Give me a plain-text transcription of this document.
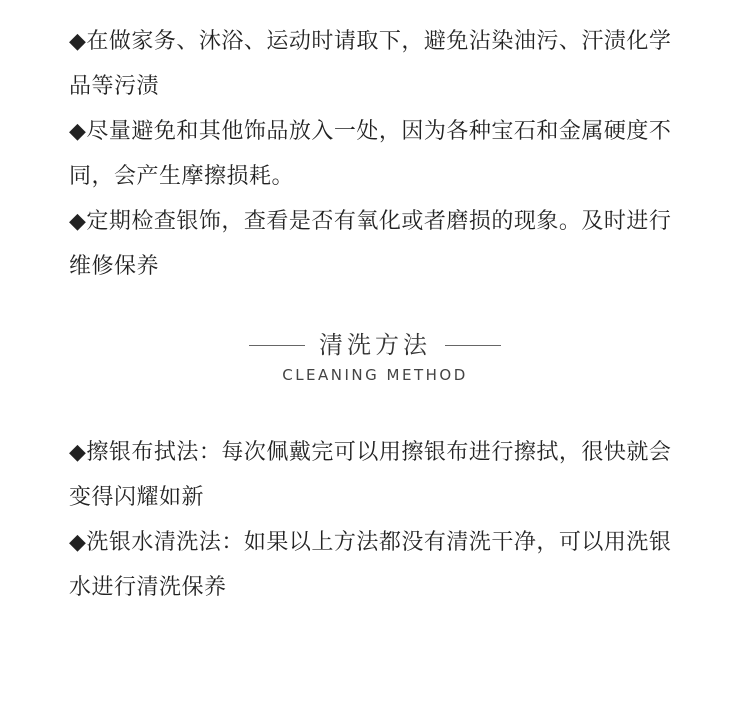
◆在做家务、沐浴、运动时请取下，避免沾染油污、汗渍化学品等污渍

◆尽量避免和其他饰品放入一处，因为各种宝石和金属硬度不同，会产生摩擦损耗。

◆定期检查银饰，查看是否有氧化或者磨损的现象。及时进行维修保养

清洗方法
CLEANING METHOD

◆擦银布拭法：每次佩戴完可以用擦银布进行擦拭，很快就会变得闪耀如新

◆洗银水清洗法：如果以上方法都没有清洗干净，可以用洗银水进行清洗保养
